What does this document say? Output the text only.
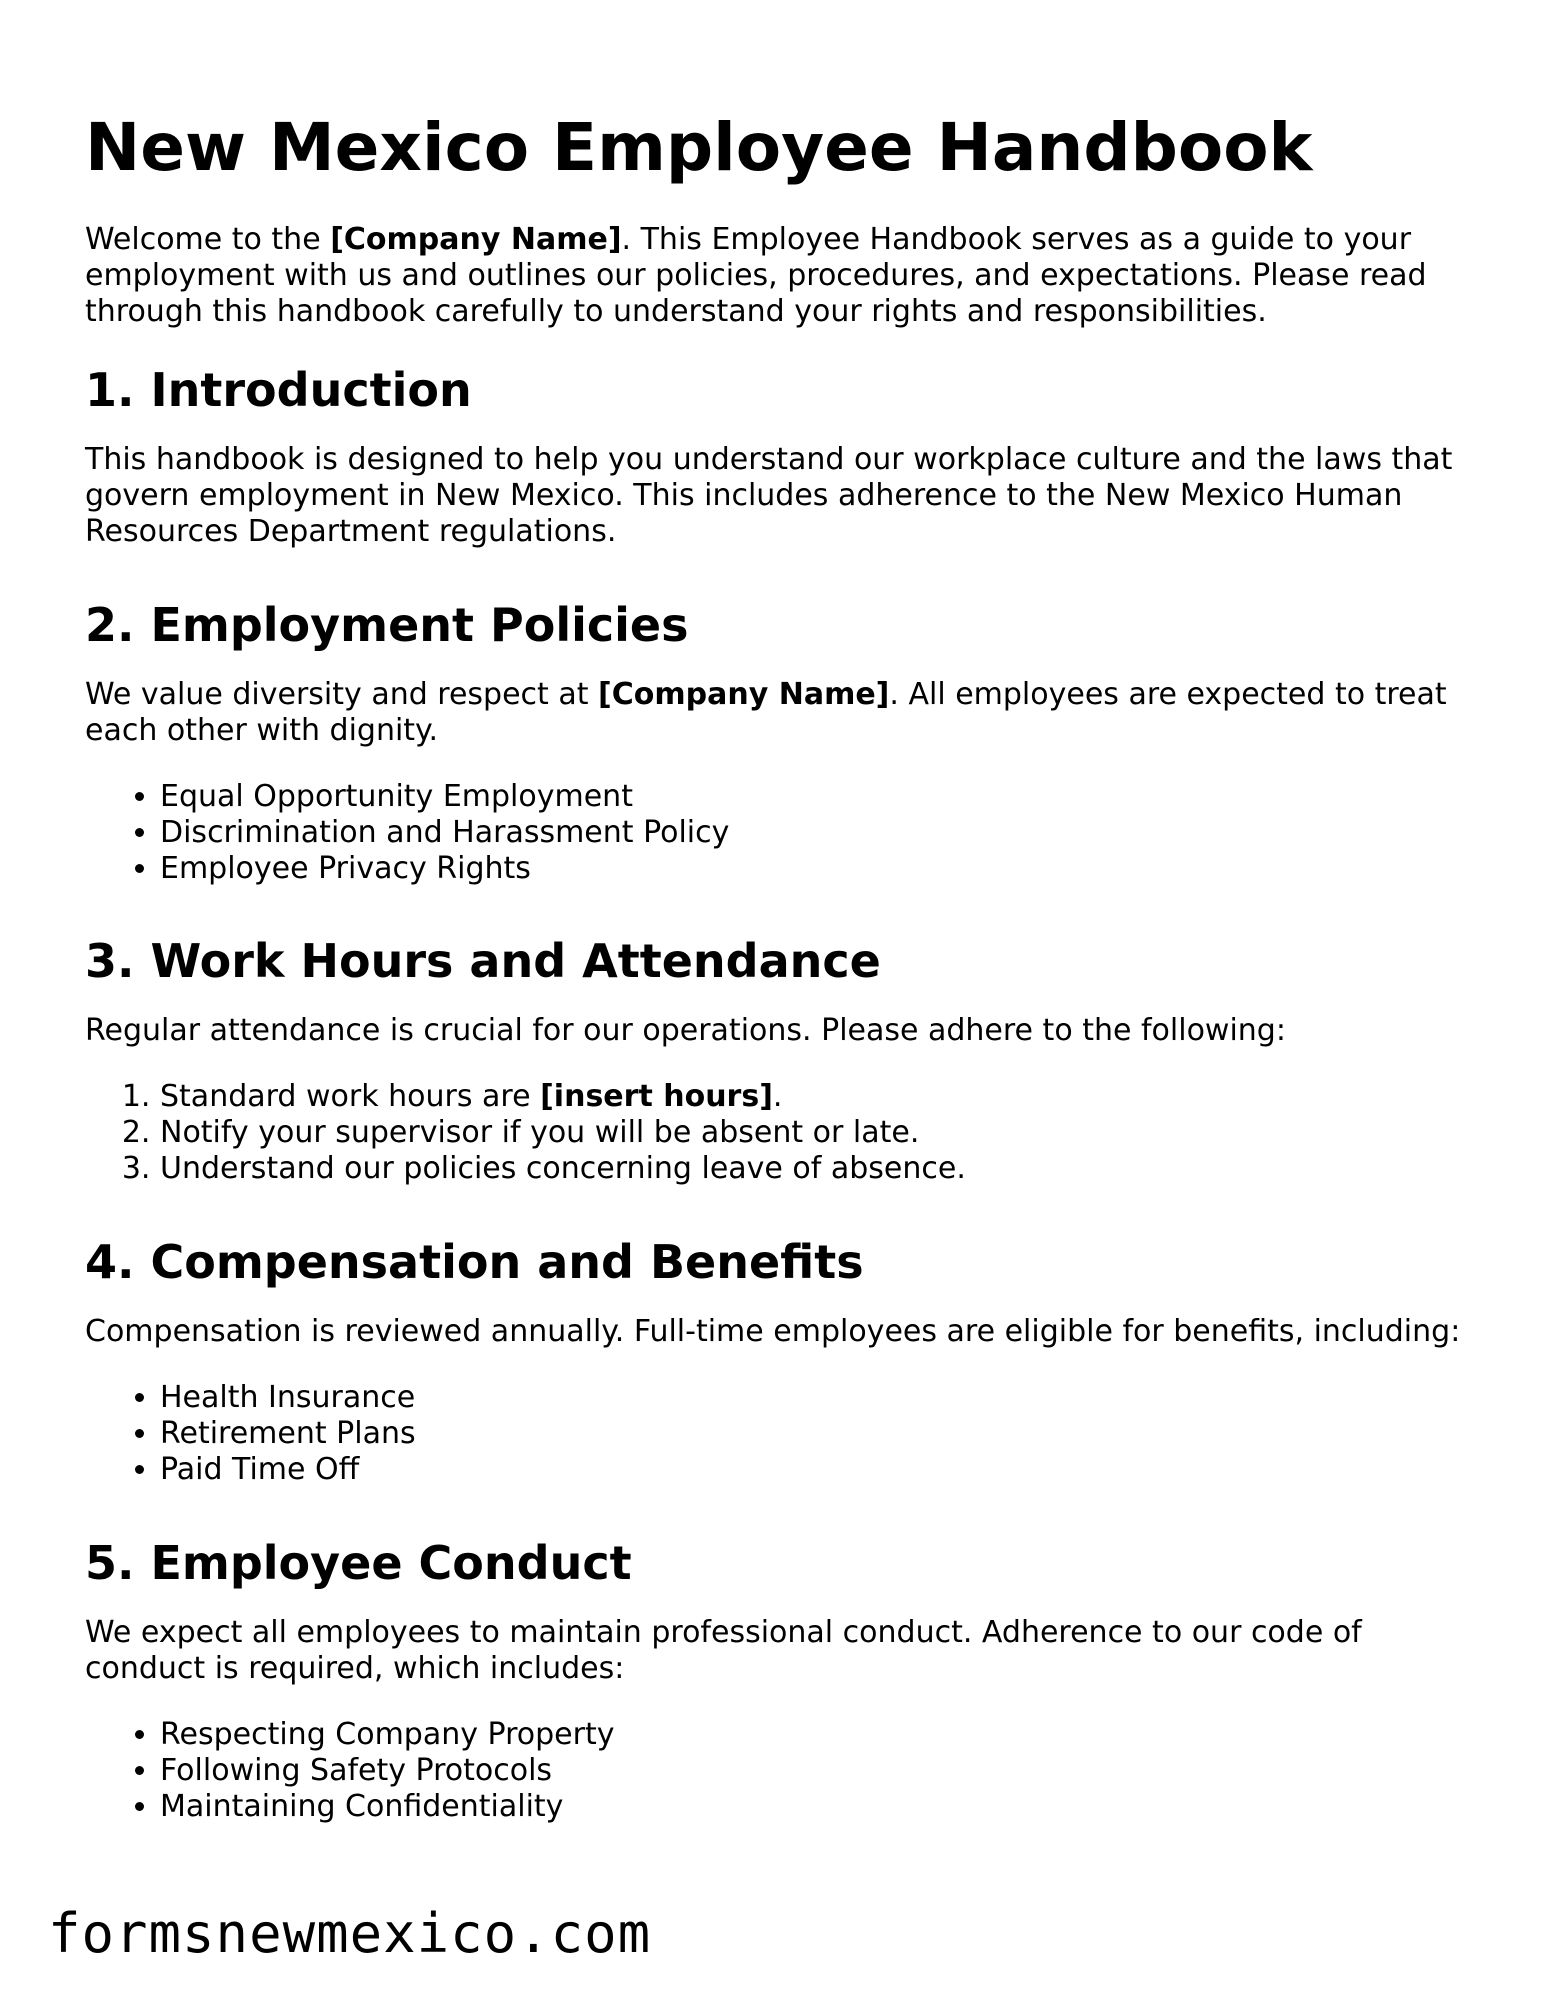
New Mexico Employee Handbook

Welcome to the [Company Name]. This Employee Handbook serves as a guide to your employment with us and outlines our policies, procedures, and expectations. Please read through this handbook carefully to understand your rights and responsibilities.

1. Introduction

This handbook is designed to help you understand our workplace culture and the laws that govern employment in New Mexico. This includes adherence to the New Mexico Human Resources Department regulations.

2. Employment Policies

We value diversity and respect at [Company Name]. All employees are expected to treat each other with dignity.

• Equal Opportunity Employment
• Discrimination and Harassment Policy
• Employee Privacy Rights
3. Work Hours and Attendance

Regular attendance is crucial for our operations. Please adhere to the following:

1. Standard work hours are [insert hours].
2. Notify your supervisor if you will be absent or late.
3. Understand our policies concerning leave of absence.
4. Compensation and Benefits

Compensation is reviewed annually. Full-time employees are eligible for benefits, including:

• Health Insurance
• Retirement Plans
• Paid Time Off
5. Employee Conduct

We expect all employees to maintain professional conduct. Adherence to our code of conduct is required, which includes:

• Respecting Company Property
• Following Safety Protocols
• Maintaining Confidentiality
formsnewmexico.com
